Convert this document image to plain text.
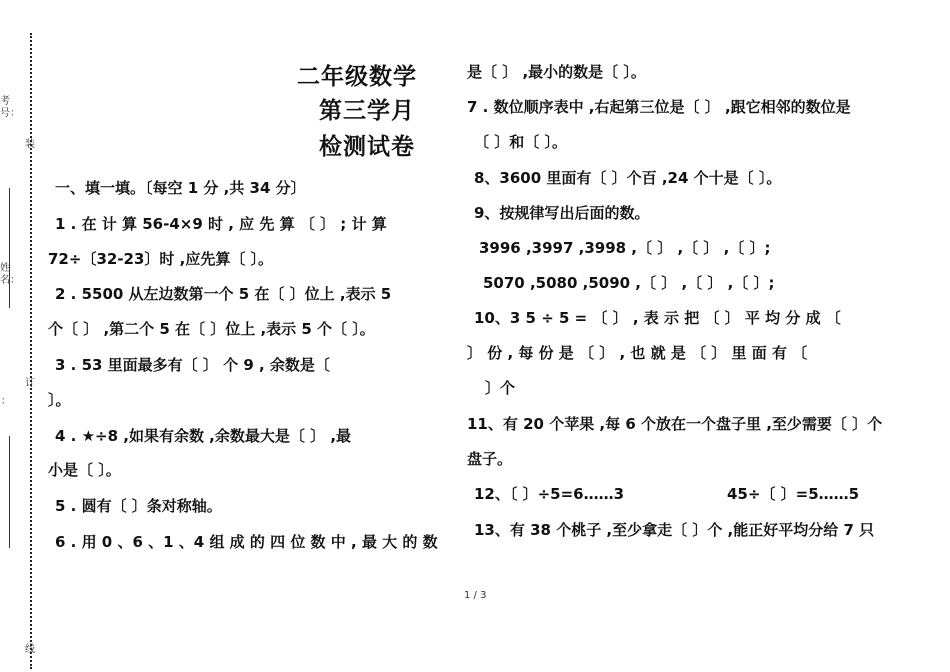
考号：
装
姓名：
订
：
线
二年级数学
第三学月
检测试卷
一、填一填。〔每空 1 分 ,共 34 分〕
1 . 在 计 算 56-4×9 时 , 应 先 算 〔 〕 ; 计 算
72÷〔32-23〕时 ,应先算〔 〕。
2 . 5500 从左边数第一个 5 在〔 〕位上 ,表示 5
个〔 〕 ,第二个 5 在〔 〕位上 ,表示 5 个〔 〕。
3 . 53 里面最多有〔 〕 个 9 , 余数是〔
〕。
4 . ★÷8 ,如果有余数 ,余数最大是〔 〕 ,最
小是〔 〕。
5 . 圆有〔 〕条对称轴。
6 . 用 0 、6 、1 、4 组 成 的 四 位 数 中 , 最 大 的 数
是〔 〕 ,最小的数是〔 〕。
7 . 数位顺序表中 ,右起第三位是〔 〕 ,跟它相邻的数位是
〔 〕和〔 〕。
8、3600 里面有〔 〕个百 ,24 个十是〔 〕。
9、按规律写出后面的数。
3996 ,3997 ,3998 ,〔 〕 ,〔 〕 ,〔 〕;
5070 ,5080 ,5090 ,〔 〕 ,〔 〕 ,〔 〕;
10、3 5 ÷ 5 = 〔 〕 , 表 示 把 〔 〕 平 均 分 成 〔
〕 份 , 每 份 是 〔 〕 , 也 就 是 〔 〕 里 面 有 〔
〕个
11、有 20 个苹果 ,每 6 个放在一个盘子里 ,至少需要〔 〕个
盘子。
12、〔 〕÷5=6……3	45÷〔 〕=5……5
13、有 38 个桃子 ,至少拿走〔 〕个 ,能正好平均分给 7 只
1 / 3
